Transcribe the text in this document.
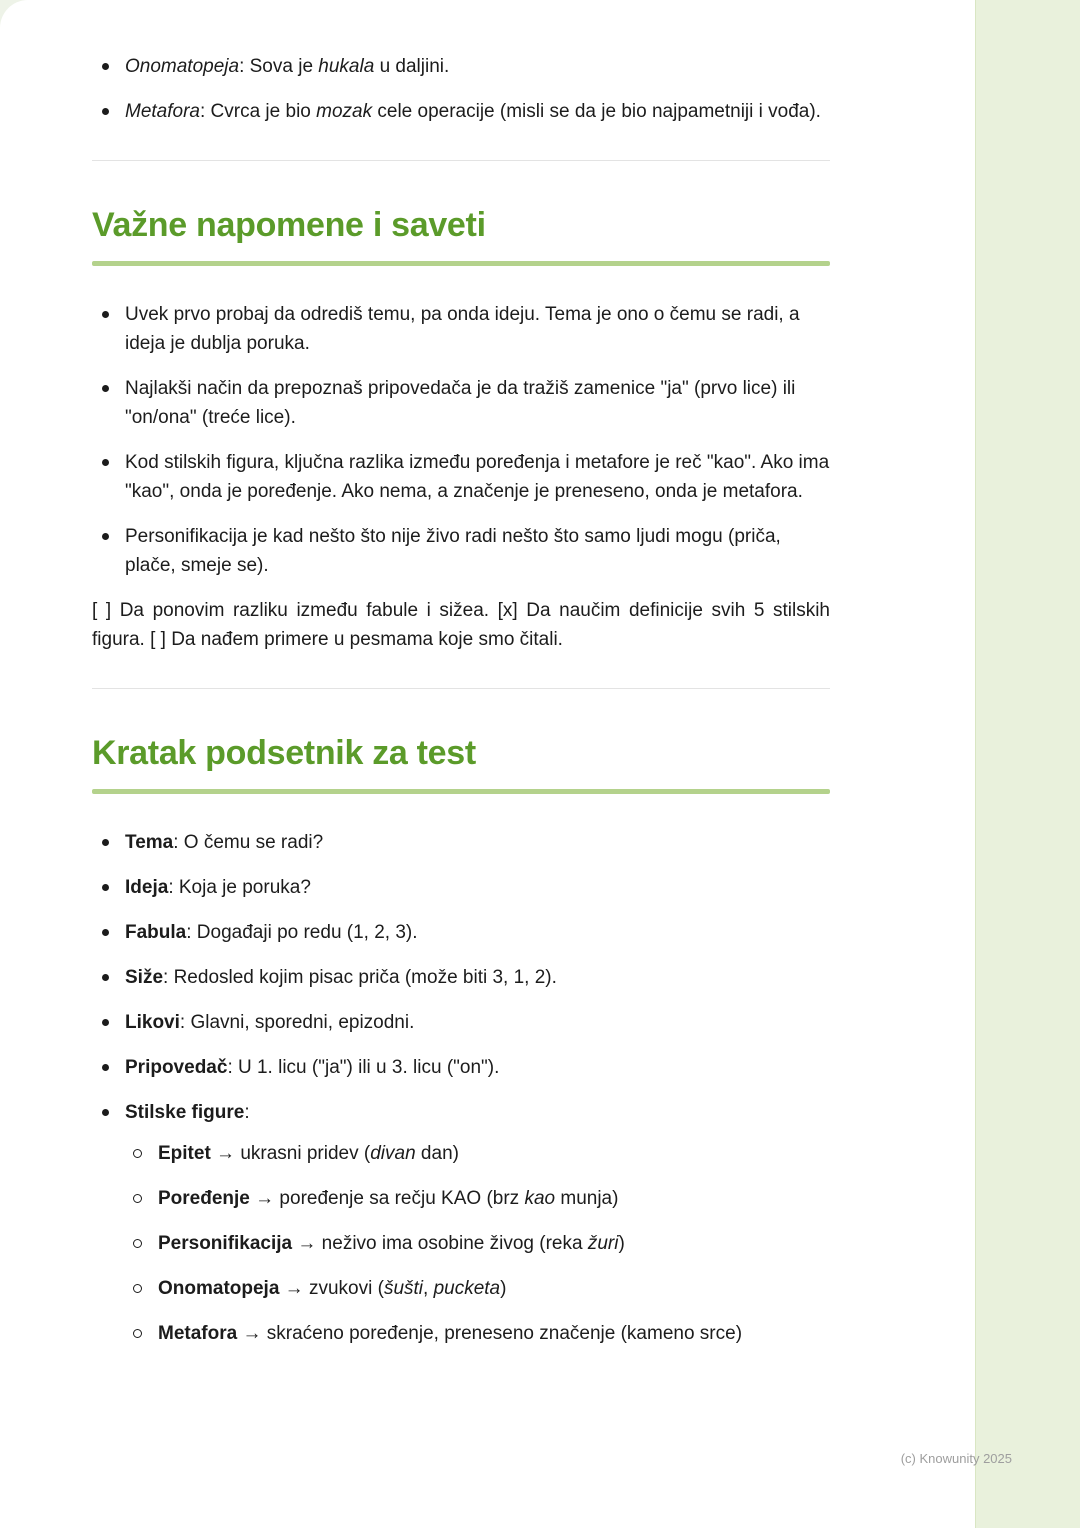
Onomatopeja: Sova je hukala u daljini.
Metafora: Cvrca je bio mozak cele operacije (misli se da je bio najpametniji i vođa).
Važne napomene i saveti
Uvek prvo probaj da odrediš temu, pa onda ideju. Tema je ono o čemu se radi, a ideja je dublja poruka.
Najlakši način da prepoznaš pripovedača je da tražiš zamenice "ja" (prvo lice) ili "on/ona" (treće lice).
Kod stilskih figura, ključna razlika između poređenja i metafore je reč "kao". Ako ima "kao", onda je poređenje. Ako nema, a značenje je preneseno, onda je metafora.
Personifikacija je kad nešto što nije živo radi nešto što samo ljudi mogu (priča, plače, smeje se).

[ ] Da ponovim razliku između fabule i sižea. [x] Da naučim definicije svih 5 stilskih figura. [ ] Da nađem primere u pesmama koje smo čitali.

Kratak podsetnik za test
Tema: O čemu se radi?
Ideja: Koja je poruka?
Fabula: Događaji po redu (1, 2, 3).
Siže: Redosled kojim pisac priča (može biti 3, 1, 2).
Likovi: Glavni, sporedni, epizodni.
Pripovedač: U 1. licu ("ja") ili u 3. licu ("on").
Stilske figure:
Epitet → ukrasni pridev (divan dan)
Poređenje → poređenje sa rečju KAO (brz kao munja)
Personifikacija → neživo ima osobine živog (reka žuri)
Onomatopeja → zvukovi (šušti, pucketa)
Metafora → skraćeno poređenje, preneseno značenje (kameno srce)
(c) Knowunity 2025
